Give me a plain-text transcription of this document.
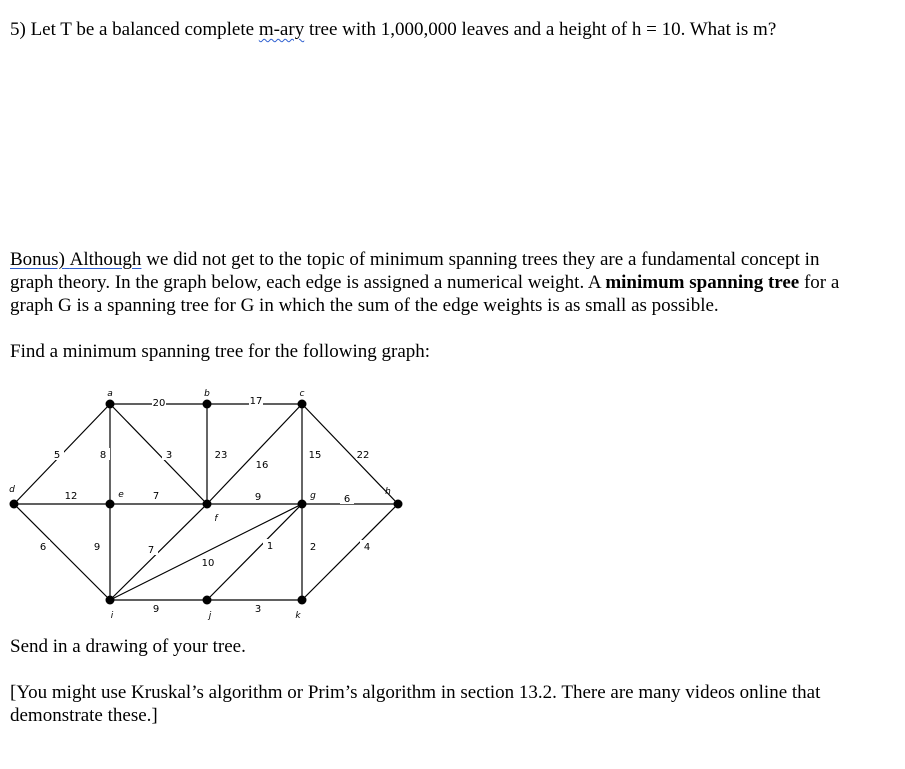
5) Let T be a balanced complete m-ary tree with 1,000,000 leaves and a height of h = 10. What is m?
Bonus) Although we did not get to the topic of minimum spanning trees they are a fundamental concept in
graph theory. In the graph below, each edge is assigned a numerical weight. A minimum spanning tree for a
graph G is a spanning tree for G in which the sum of the edge weights is as small as possible.
Find a minimum spanning tree for the following graph:
20	17
5	8	3	23
16
15	22
12	7	9	6
6	9	7
10
1	2	4
9	3
a	b	c
d	e
f
g	h
i	j	k
Send in a drawing of your tree.
[You might use Kruskal’s algorithm or Prim’s algorithm in section 13.2. There are many videos online that
demonstrate these.]
